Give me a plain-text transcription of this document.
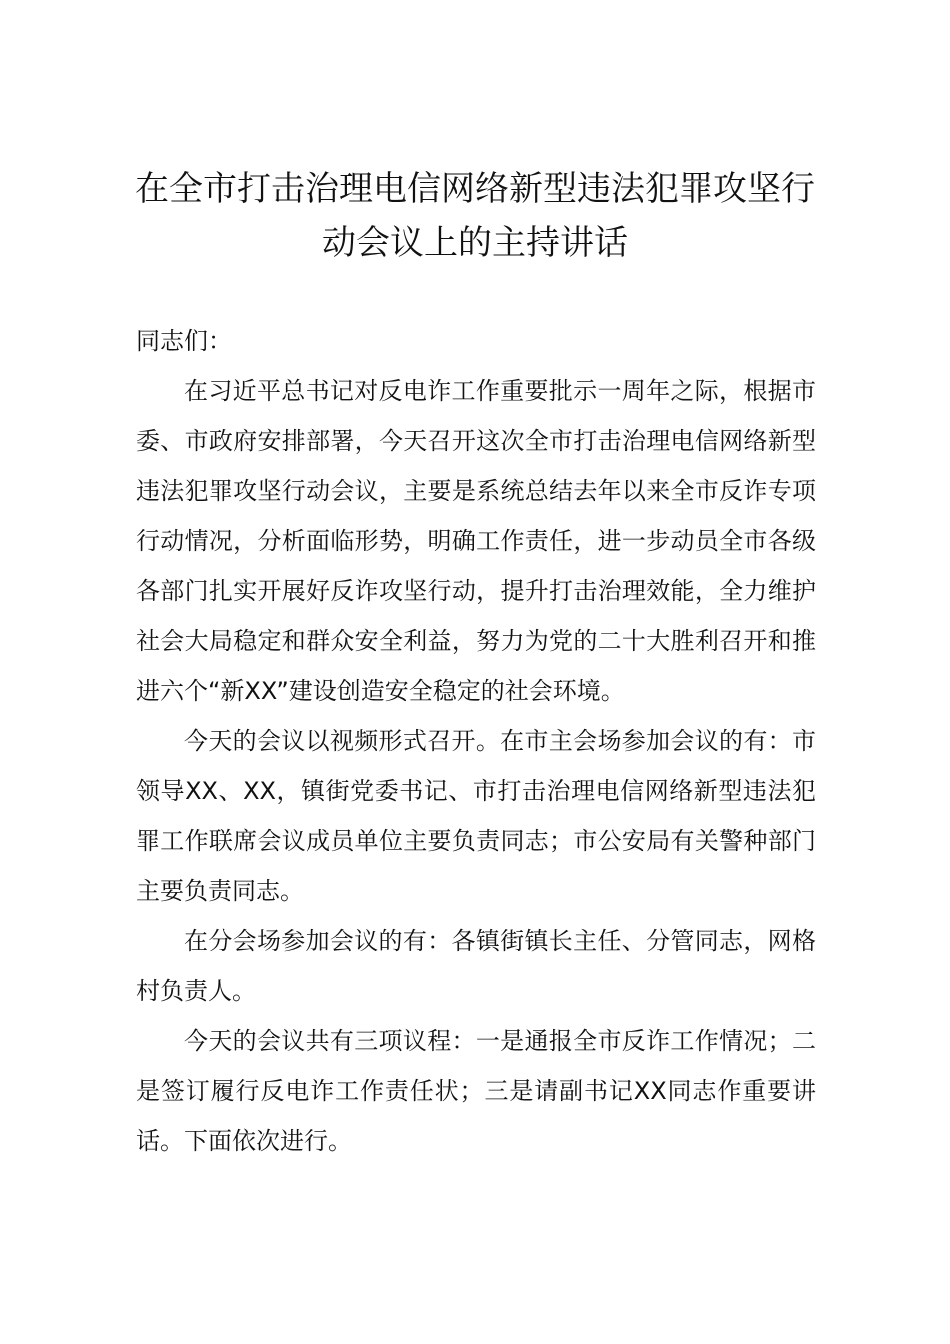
在全市打击治理电信网络新型违法犯罪攻坚行动会议上的主持讲话

同志们：

在习近平总书记对反电诈工作重要批示一周年之际，根据市委、市政府安排部署，今天召开这次全市打击治理电信网络新型违法犯罪攻坚行动会议，主要是系统总结去年以来全市反诈专项行动情况，分析面临形势，明确工作责任，进一步动员全市各级各部门扎实开展好反诈攻坚行动，提升打击治理效能，全力维护社会大局稳定和群众安全利益，努力为党的二十大胜利召开和推进六个“新XX”建设创造安全稳定的社会环境。

今天的会议以视频形式召开。在市主会场参加会议的有：市领导XX、XX，镇街党委书记、市打击治理电信网络新型违法犯罪工作联席会议成员单位主要负责同志；市公安局有关警种部门主要负责同志。

在分会场参加会议的有：各镇街镇长主任、分管同志，网格村负责人。

今天的会议共有三项议程：一是通报全市反诈工作情况；二是签订履行反电诈工作责任状；三是请副书记XX同志作重要讲话。下面依次进行。
